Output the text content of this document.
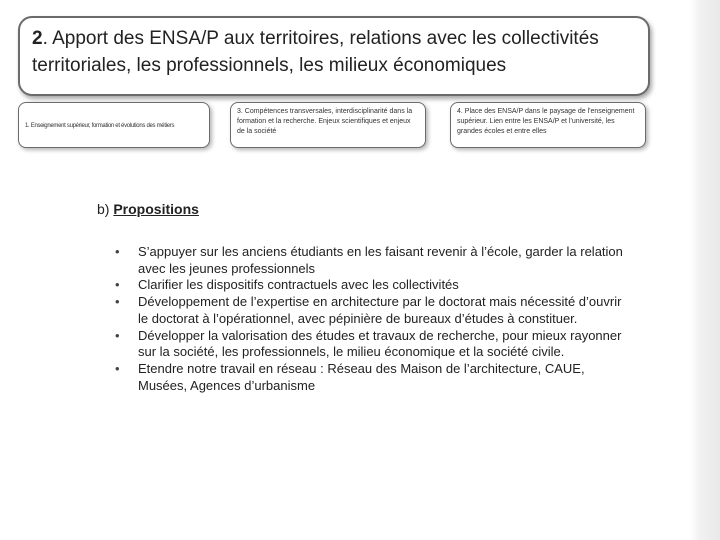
2. Apport des ENSA/P aux territoires, relations avec les collectivités territoriales, les professionnels, les milieux économiques
1. Enseignement supérieur, formation et évolutions des métiers
3. Compétences transversales, interdisciplinarité dans la formation et la recherche. Enjeux scientifiques et enjeux de la société
4. Place des ENSA/P dans le paysage de l'enseignement supérieur. Lien entre les ENSA/P et l'université, les grandes écoles et entre elles
b) Propositions
• S’appuyer sur les anciens étudiants en les faisant revenir à l’école, garder la relation avec les jeunes professionnels
• Clarifier les dispositifs contractuels avec les collectivités
• Développement de l’expertise en architecture par le doctorat mais nécessité d’ouvrir le doctorat à l’opérationnel, avec pépinière de bureaux d’études à constituer.
• Développer la valorisation des études et travaux de recherche, pour mieux rayonner sur la société, les professionnels, le milieu économique et la société civile.
• Etendre notre travail en réseau : Réseau des Maison de l’architecture, CAUE, Musées, Agences d’urbanisme
